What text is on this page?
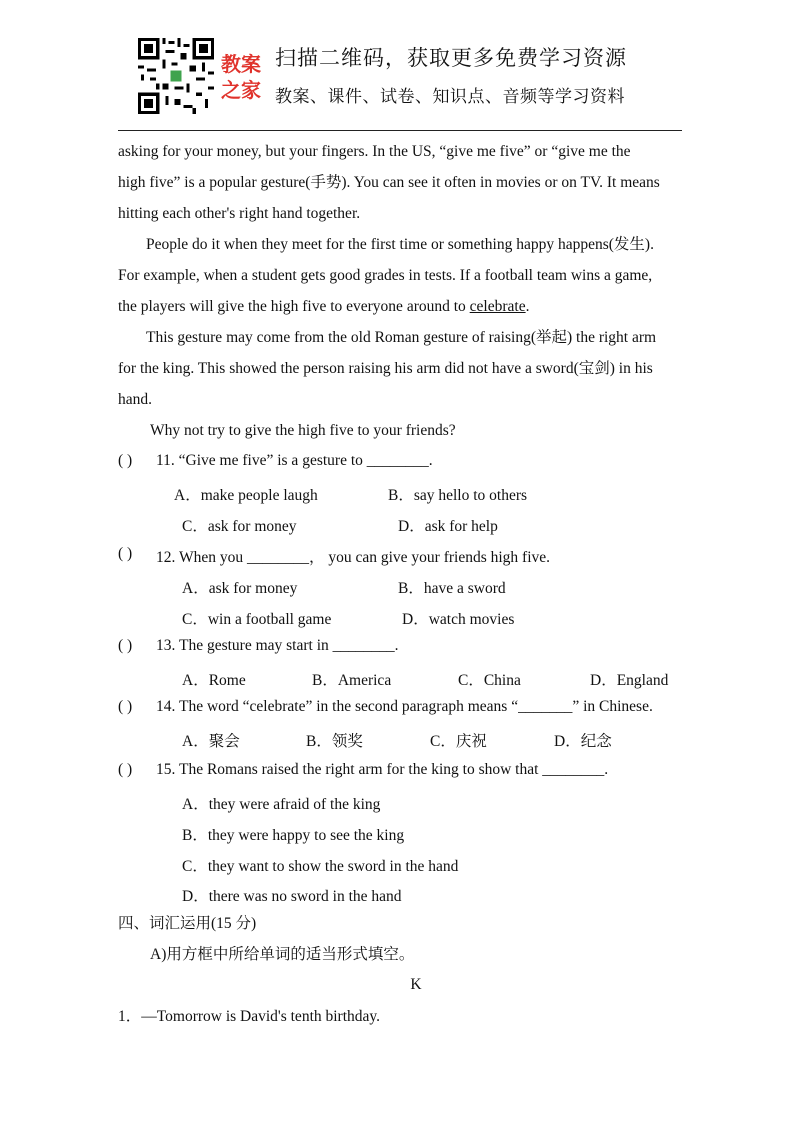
教案
之家
扫描二维码，获取更多免费学习资源
教案、课件、试卷、知识点、音频等学习资料
asking for your money, but your fingers. In the US, “give me five” or “give me the
high five” is a popular gesture(手势). You can see it often in movies or on TV. It means
hitting each other's right hand together.
People do it when they meet for the first time or something happy happens(发生).
For example, when a student gets good grades in tests. If a football team wins a game,
the players will give the high five to everyone around to celebrate.
This gesture may come from the old Roman gesture of raising(举起) the right arm
for the king. This showed the person raising his arm did not have a sword(宝剑) in his
hand.
Why not try to give the high five to your friends?
( ) 11. “Give me five” is a gesture to ________.
A．make people laugh	B．say hello to others
C．ask for money	D．ask for help
( ) 12. When you ________， you can give your friends high five.
A．ask for money	B．have a sword
C．win a football game	D．watch movies
( ) 13. The gesture may start in ________.
A．Rome	B．America	C．China	D．England
( ) 14. The word “celebrate” in the second paragraph means “_______” in Chinese.
A．聚会	B．领奖	C．庆祝	D．纪念
( ) 15. The Romans raised the right arm for the king to show that ________.
A．they were afraid of the king
B．they were happy to see the king
C．they want to show the sword in the hand
D．there was no sword in the hand
四、词汇运用(15 分)
A)用方框中所给单词的适当形式填空。
K
1．—Tomorrow is David's tenth birthday.
